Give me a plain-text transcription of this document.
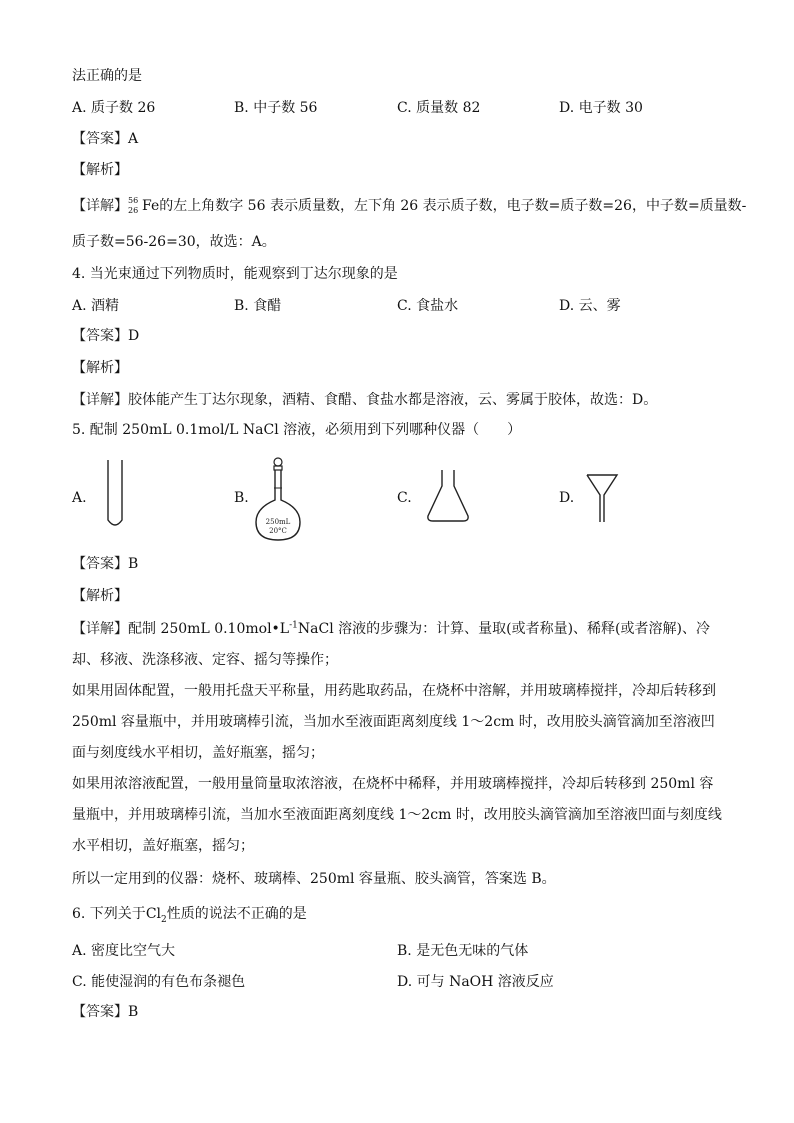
法正确的是
A. 质子数 26	B. 中子数 56	C. 质量数 82	D. 电子数 30
【答案】A
【解析】
【详解】 56
26 Fe的左上角数字 56 表示质量数，左下角 26 表示质子数，电子数=质子数=26，中子数=质量数-
质子数=56-26=30，故选：A。
4. 当光束通过下列物质时，能观察到丁达尔现象的是
A. 酒精	B. 食醋	C. 食盐水	D. 云、雾
【答案】D
【解析】
【详解】胶体能产生丁达尔现象，酒精、食醋、食盐水都是溶液，云、雾属于胶体，故选：D。
5. 配制 250mL 0.1mol/L NaCl 溶液，必须用到下列哪种仪器（　　）
A.	B.
250mL
20°C
C.	D.
【答案】B
【解析】
【详解】配制 250mL $0.10mol•L^{-1}NaCl$ 溶液的步骤为：计算、量取(或者称量)、稀释(或者溶解)、冷却、移液、洗涤移液、定容、摇匀等操作；
如果用固体配置，一般用托盘天平称量，用药匙取药品，在烧杯中溶解，并用玻璃棒搅拌，冷却后转移到 250ml 容量瓶中，并用玻璃棒引流，当加水至液面距离刻度线 1～2cm 时，改用胶头滴管滴加至溶液凹面与刻度线水平相切，盖好瓶塞，摇匀；
如果用浓溶液配置，一般用量筒量取浓溶液，在烧杯中稀释，并用玻璃棒搅拌，冷却后转移到 250ml 容量瓶中，并用玻璃棒引流，当加水至液面距离刻度线 1～2cm 时，改用胶头滴管滴加至溶液凹面与刻度线水平相切，盖好瓶塞，摇匀；
所以一定用到的仪器：烧杯、玻璃棒、250ml 容量瓶、胶头滴管，答案选 B。
6. 下列关于$Cl_2$性质的说法不正确的是
A. 密度比空气大	B. 是无色无味的气体
C. 能使湿润的有色布条褪色	D. 可与 NaOH 溶液反应
【答案】B
